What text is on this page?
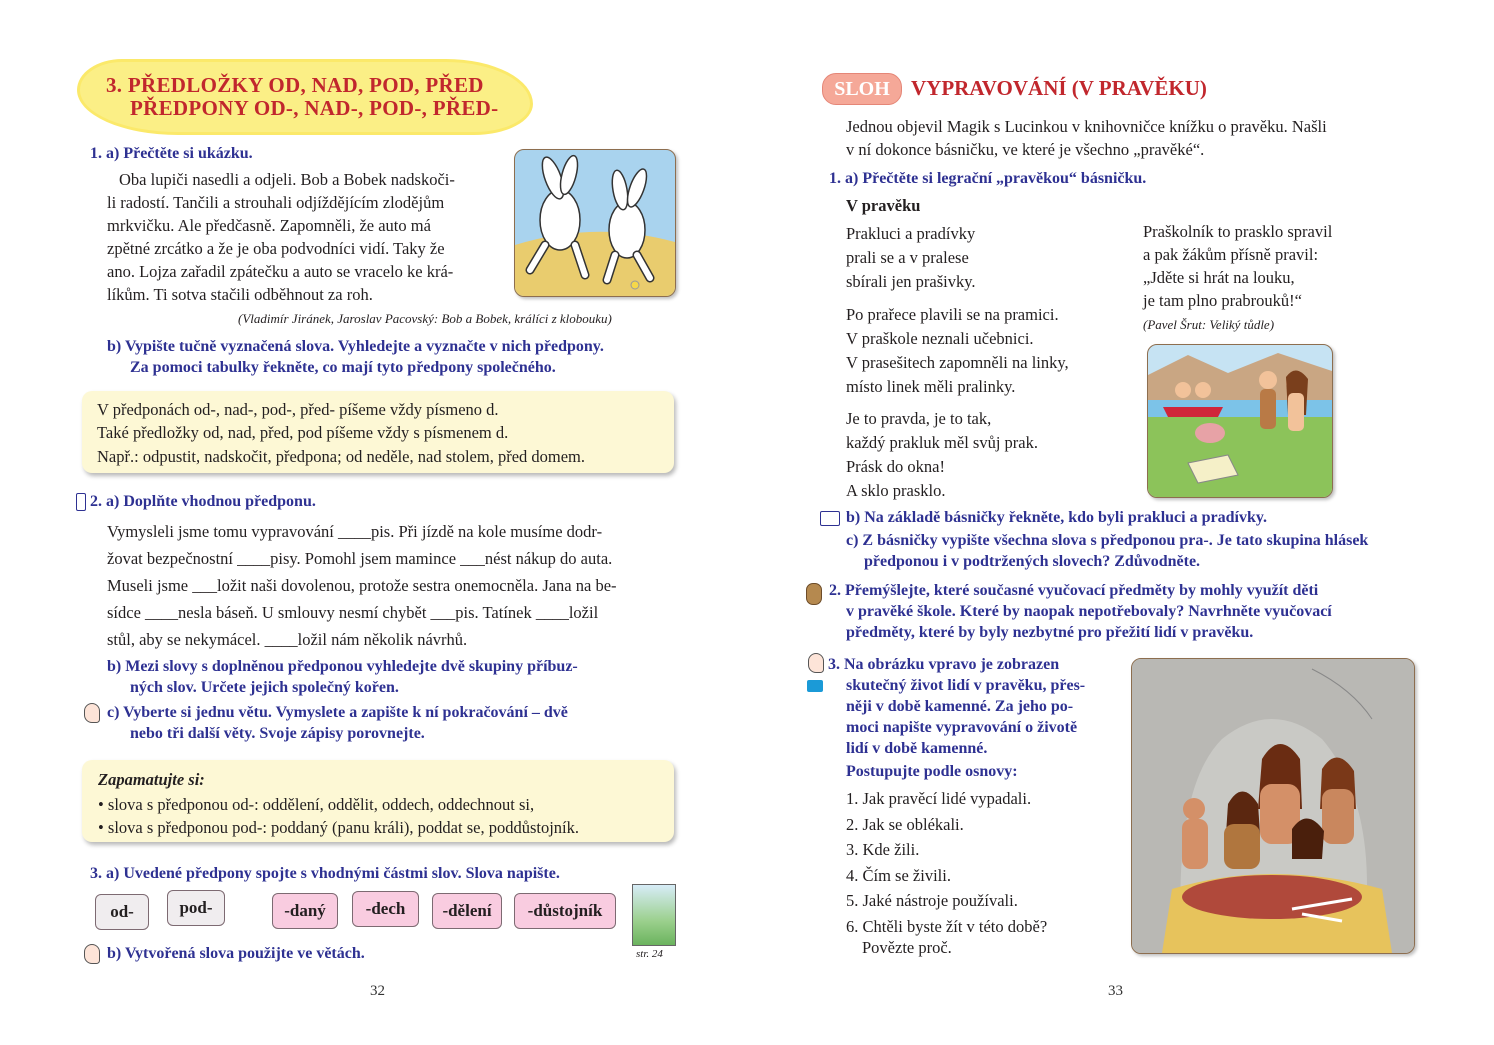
3. PŘEDLOŽKY OD, NAD, POD, PŘED
PŘEDPONY OD-, NAD-, POD-, PŘED-
1. a) Přečtěte si ukázku.
Oba lupiči nasedli a odjeli. Bob a Bobek nadskoči-
li radostí. Tančili a strouhali odjíždějícím zlodějům
mrkvičku. Ale předčasně. Zapomněli, že auto má
zpětné zrcátko a že je oba podvodníci vidí. Taky že
ano. Lojza zařadil zpátečku a auto se vracelo ke krá-
líkům. Ti sotva stačili odběhnout za roh.
(Vladimír Jiránek, Jaroslav Pacovský: Bob a Bobek, králíci z klobouku)
b) Vypište tučně vyznačená slova. Vyhledejte a vyznačte v nich předpony.
Za pomoci tabulky řekněte, co mají tyto předpony společného.
V předponách od-, nad-, pod-, před- píšeme vždy písmeno d.
Také předložky od, nad, před, pod píšeme vždy s písmenem d.
Např.: odpustit, nadskočit, předpona; od neděle, nad stolem, před domem.
2. a) Doplňte vhodnou předponu.
Vymysleli jsme tomu vypravování ____pis. Při jízdě na kole musíme dodr-
žovat bezpečnostní ____pisy. Pomohl jsem mamince ___nést nákup do auta.
Museli jsme ___ložit naši dovolenou, protože sestra onemocněla. Jana na be-
sídce ____nesla báseň. U smlouvy nesmí chybět ___pis. Tatínek ____ložil
stůl, aby se nekymácel. ____ložil nám několik návrhů.
b) Mezi slovy s doplněnou předponou vyhledejte dvě skupiny příbuz-
ných slov. Určete jejich společný kořen.
c) Vyberte si jednu větu. Vymyslete a zapište k ní pokračování – dvě
nebo tři další věty. Svoje zápisy porovnejte.
Zapamatujte si:
• slova s předponou od-: oddělení, oddělit, oddech, oddechnout si,
• slova s předponou pod-: poddaný (panu králi), poddat se, poddůstojník.
3. a) Uvedené předpony spojte s vhodnými částmi slov. Slova napište.
od-	pod-	-daný	-dech	-dělení	-důstojník
str. 24
b) Vytvořená slova použijte ve větách.
32
SLOH	VYPRAVOVÁNÍ (V PRAVĚKU)
Jednou objevil Magik s Lucinkou v knihovničce knížku o pravěku. Našli
v ní dokonce básničku, ve které je všechno „pravěké“.
1. a) Přečtěte si legrační „pravěkou“ básničku.
V pravěku
Prakluci a pradívky
prali se a v pralese
sbírali jen prašivky.
Po prařece plavili se na pramici.
V praškole neznali učebnici.
V prasešitech zapomněli na linky,
místo linek měli pralinky.
Je to pravda, je to tak,
každý prakluk měl svůj prak.
Prásk do okna!
A sklo prasklo.
Praškolník to prasklo spravil
a pak žákům přísně pravil:
„Jděte si hrát na louku,
je tam plno prabrouků!“
(Pavel Šrut: Veliký tůdle)
b) Na základě básničky řekněte, kdo byli prakluci a pradívky.
c) Z básničky vypište všechna slova s předponou pra-. Je tato skupina hlásek
předponou i v podtržených slovech? Zdůvodněte.
2. Přemýšlejte, které současné vyučovací předměty by mohly využít děti
v pravěké škole. Které by naopak nepotřebovaly? Navrhněte vyučovací
předměty, které by byly nezbytné pro přežití lidí v pravěku.
3. Na obrázku vpravo je zobrazen
skutečný život lidí v pravěku, přes-
něji v době kamenné. Za jeho po-
moci napište vypravování o životě
lidí v době kamenné.
Postupujte podle osnovy:
1. Jak pravěcí lidé vypadali.
2. Jak se oblékali.
3. Kde žili.
4. Čím se živili.
5. Jaké nástroje používali.
6. Chtěli byste žít v této době?
Povězte proč.
33
